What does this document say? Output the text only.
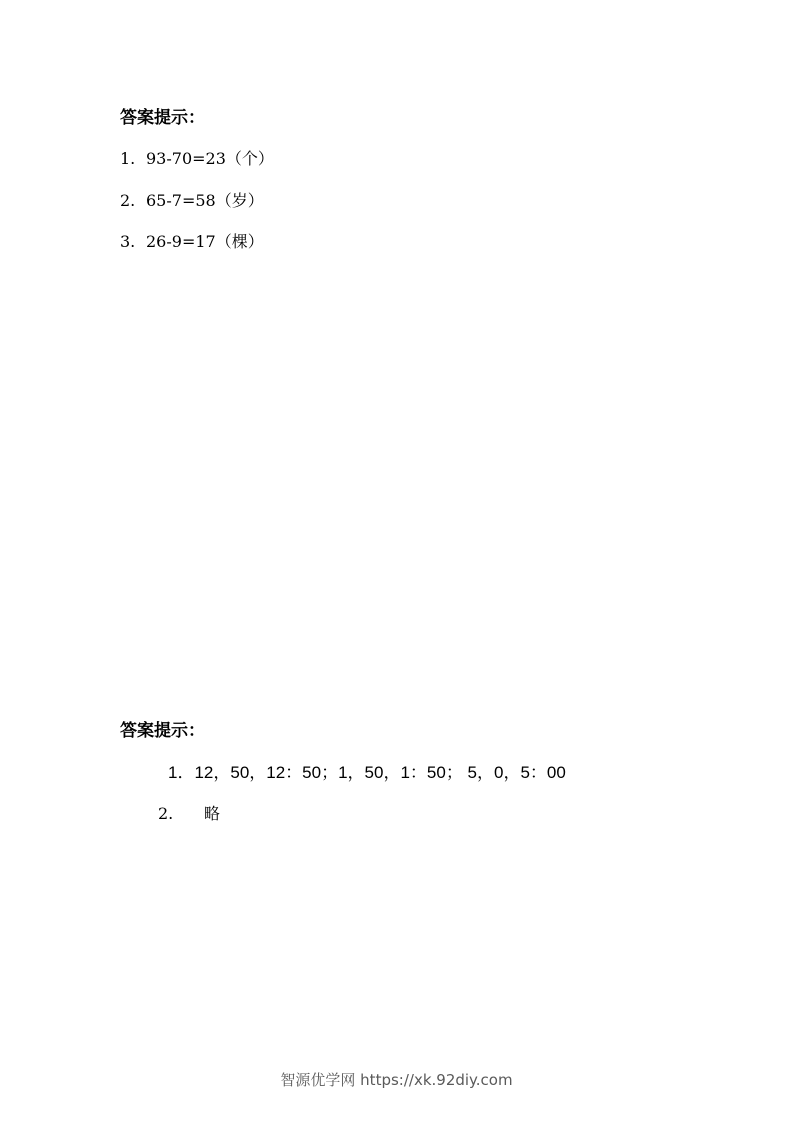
答案提示：
1. 93-70=23（个）
2. 65-7=58（岁）
3. 26-9=17（棵）
答案提示：
1．12，50，12：50；1，50，1：50； 5，0，5：00
2. 略
智源优学网 https://xk.92diy.com
